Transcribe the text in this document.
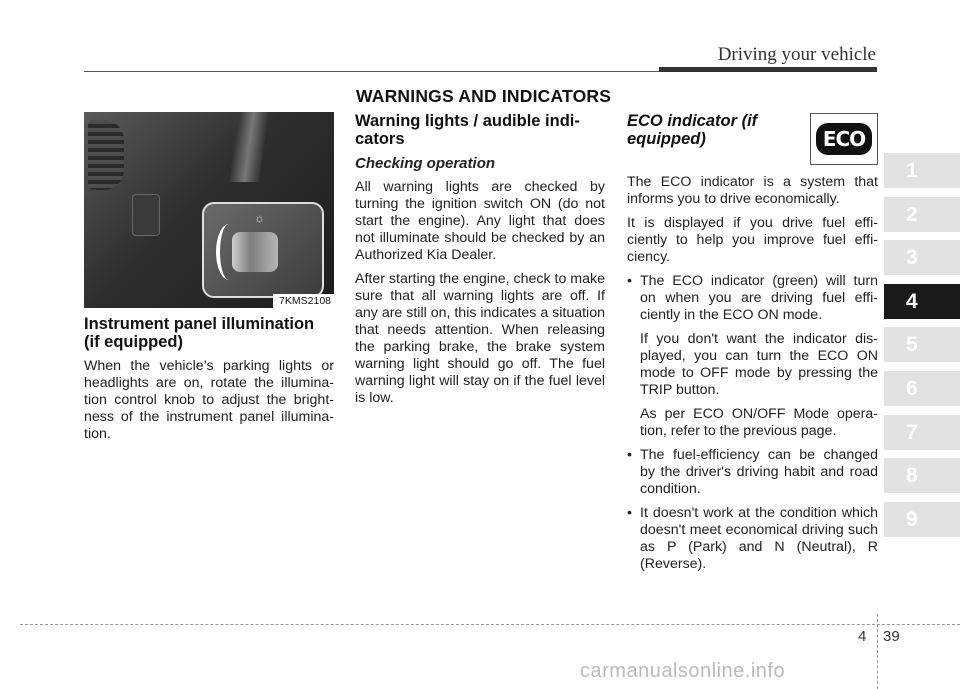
Driving your vehicle
WARNINGS AND INDICATORS
☼
7KMS2108
Instrument panel illumination (if equipped)

When the vehicle’s parking lights or headlights are on, rotate the illumina-tion control knob to adjust the bright-ness of the instrument panel illumina-tion.

Warning lights / audible indi-cators
Checking operation

All warning lights are checked by turning the ignition switch ON (do not start the engine). Any light that does not illuminate should be checked by an Authorized Kia Dealer.

After starting the engine, check to make sure that all warning lights are off. If any are still on, this indicates a situation that needs attention. When releasing the parking brake, the brake system warning light should go off. The fuel warning light will stay on if the fuel level is low.

ECO
ECO indicator (if equipped)

The ECO indicator is a system that informs you to drive economically.

It is displayed if you drive fuel effi-ciently to help you improve fuel effi-ciency.

• The ECO indicator (green) will turn on when you are driving fuel effi-ciently in the ECO ON mode.

If you don't want the indicator dis-played, you can turn the ECO ON mode to OFF mode by pressing the TRIP button.

As per ECO ON/OFF Mode opera-tion, refer to the previous page.

• The fuel-efficiency can be changed by the driver's driving habit and road condition.

• It doesn't work at the condition which doesn't meet economical driving such as P (Park) and N (Neutral), R (Reverse).

1
2
3
4
5
6
7
8
9
4 39
carmanualsonline.info
